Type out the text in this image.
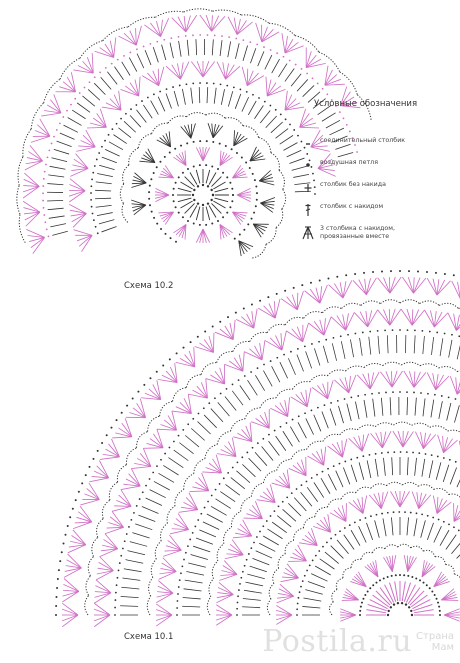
Условные обозначения
соединительный столбик
воздушная петля
столбик без накида
столбик с накидом
3 столбика с накидом,
провязанные вместе
Схема 10.2
Схема 10.1	Postila.ru Страна
Мам
